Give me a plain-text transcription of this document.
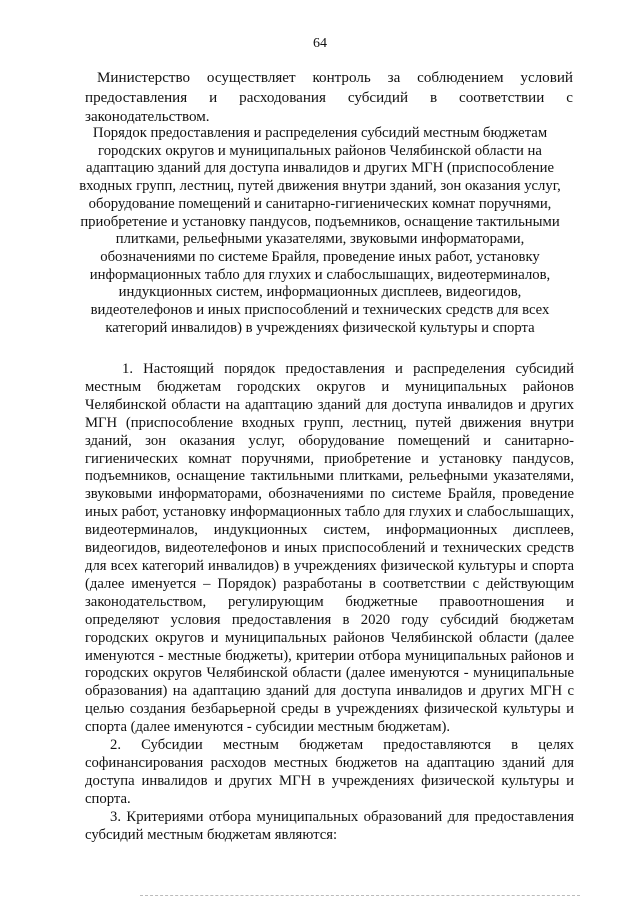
64

Министерство осуществляет контроль за соблюдением условий предоставления и расходования субсидий в соответствии с законодательством.

Порядок предоставления и распределения субсидий местным бюджетам городских округов и муниципальных районов Челябинской области на адаптацию зданий для доступа инвалидов и других МГН (приспособление входных групп, лестниц, путей движения внутри зданий, зон оказания услуг, оборудование помещений и санитарно-гигиенических комнат поручнями, приобретение и установку пандусов, подъемников, оснащение тактильными плитками, рельефными указателями, звуковыми информаторами, обозначениями по системе Брайля, проведение иных работ, установку информационных табло для глухих и слабослышащих, видеотерминалов, индукционных систем, информационных дисплеев, видеогидов, видеотелефонов и иных приспособлений и технических средств для всех категорий инвалидов) в учреждениях физической культуры и спорта

1. Настоящий порядок предоставления и распределения субсидий местным бюджетам городских округов и муниципальных районов Челябинской области на адаптацию зданий для доступа инвалидов и других МГН (приспособление входных групп, лестниц, путей движения внутри зданий, зон оказания услуг, оборудование помещений и санитарно-гигиенических комнат поручнями, приобретение и установку пандусов, подъемников, оснащение тактильными плитками, рельефными указателями, звуковыми информаторами, обозначениями по системе Брайля, проведение иных работ, установку информационных табло для глухих и слабослышащих, видеотерминалов, индукционных систем, информационных дисплеев, видеогидов, видеотелефонов и иных приспособлений и технических средств для всех категорий инвалидов) в учреждениях физической культуры и спорта (далее именуется – Порядок) разработаны в соответствии с действующим законодательством, регулирующим бюджетные правоотношения и определяют условия предоставления в 2020 году субсидий бюджетам городских округов и муниципальных районов Челябинской области (далее именуются - местные бюджеты), критерии отбора муниципальных районов и городских округов Челябинской области (далее именуются - муниципальные образования) на адаптацию зданий для доступа инвалидов и других МГН с целью создания безбарьерной среды в учреждениях физической культуры и спорта (далее именуются - субсидии местным бюджетам).

2. Субсидии местным бюджетам предоставляются в целях софинансирования расходов местных бюджетов на адаптацию зданий для доступа инвалидов и других МГН в учреждениях физической культуры и спорта.

3. Критериями отбора муниципальных образований для предоставления субсидий местным бюджетам являются:
